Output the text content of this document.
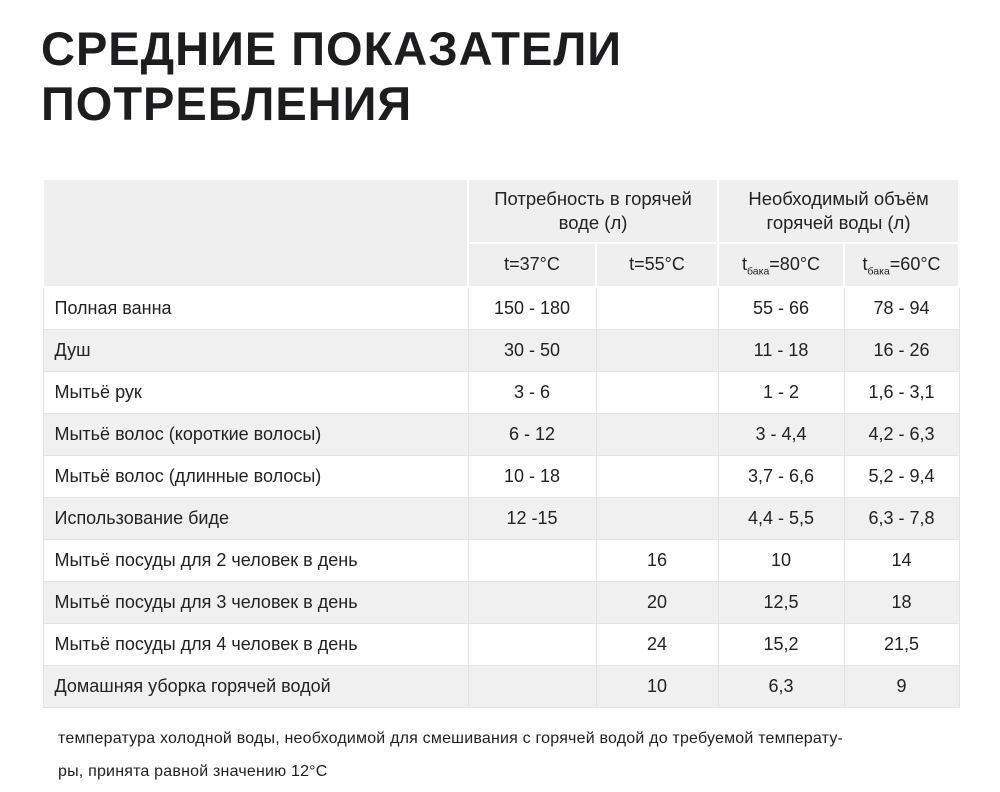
СРЕДНИЕ ПОКАЗАТЕЛИ
ПОТРЕБЛЕНИЯ
	Потребность в горячей воде (л)		Необходимый объём горячей воды (л)	
	t=37°C	t=55°C	$t_{бака}=80^\circ C$	$t_{бака}=60^\circ C$
Полная ванна	150 - 180		55 - 66	78 - 94
Душ	30 - 50		11 - 18	16 - 26
Мытьё рук	3 - 6		1 - 2	1,6 - 3,1
Мытьё волос (короткие волосы)	6 - 12		3 - 4,4	4,2 - 6,3
Мытьё волос (длинные волосы)	10 - 18		3,7 - 6,6	5,2 - 9,4
Использование биде	12 -15		4,4 - 5,5	6,3 - 7,8
Мытьё посуды для 2 человек в день		16	10	14
Мытьё посуды для 3 человек в день		20	12,5	18
Мытьё посуды для 4 человек в день		24	15,2	21,5
Домашняя уборка горячей водой		10	6,3	9

температура холодной воды, необходимой для смешивания с горячей водой до требуемой температу-
ры, принята равной значению 12°C
